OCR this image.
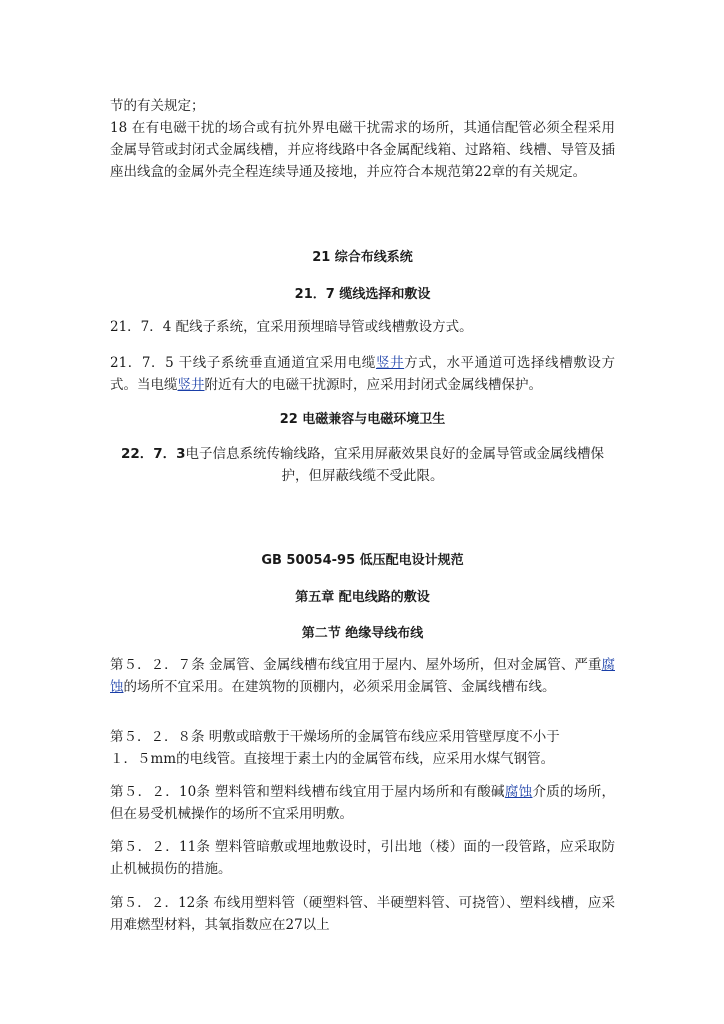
节的有关规定；

18 在有电磁干扰的场合或有抗外界电磁干扰需求的场所，其通信配管必须全程采用金属导管或封闭式金属线槽，并应将线路中各金属配线箱、过路箱、线槽、导管及插座出线盒的金属外壳全程连续导通及接地，并应符合本规范第22章的有关规定。

21 综合布线系统
21．7 缆线选择和敷设

21．7．4 配线子系统，宜采用预埋暗导管或线槽敷设方式。

21．7．5 干线子系统垂直通道宜采用电缆竖井方式，水平通道可选择线槽敷设方式。当电缆竖井附近有大的电磁干扰源时，应采用封闭式金属线槽保护。

22 电磁兼容与电磁环境卫生

22．7．3电子信息系统传输线路，宜采用屏蔽效果良好的金属导管或金属线槽保护，但屏蔽线缆不受此限。

GB 50054-95 低压配电设计规范
第五章 配电线路的敷设
第二节 绝缘导线布线

第５．２．７条 金属管、金属线槽布线宜用于屋内、屋外场所，但对金属管、严重腐蚀的场所不宜采用。在建筑物的顶棚内，必须采用金属管、金属线槽布线。

第５．２．８条 明敷或暗敷于干燥场所的金属管布线应采用管壁厚度不小于
１．５mm的电线管。直接埋于素土内的金属管布线，应采用水煤气钢管。

第５．２．10条 塑料管和塑料线槽布线宜用于屋内场所和有酸碱腐蚀介质的场所，但在易受机械操作的场所不宜采用明敷。

第５．２．11条 塑料管暗敷或埋地敷设时，引出地（楼）面的一段管路，应采取防止机械损伤的措施。

第５．２．12条 布线用塑料管（硬塑料管、半硬塑料管、可挠管）、塑料线槽，应采用难燃型材料，其氧指数应在27以上
